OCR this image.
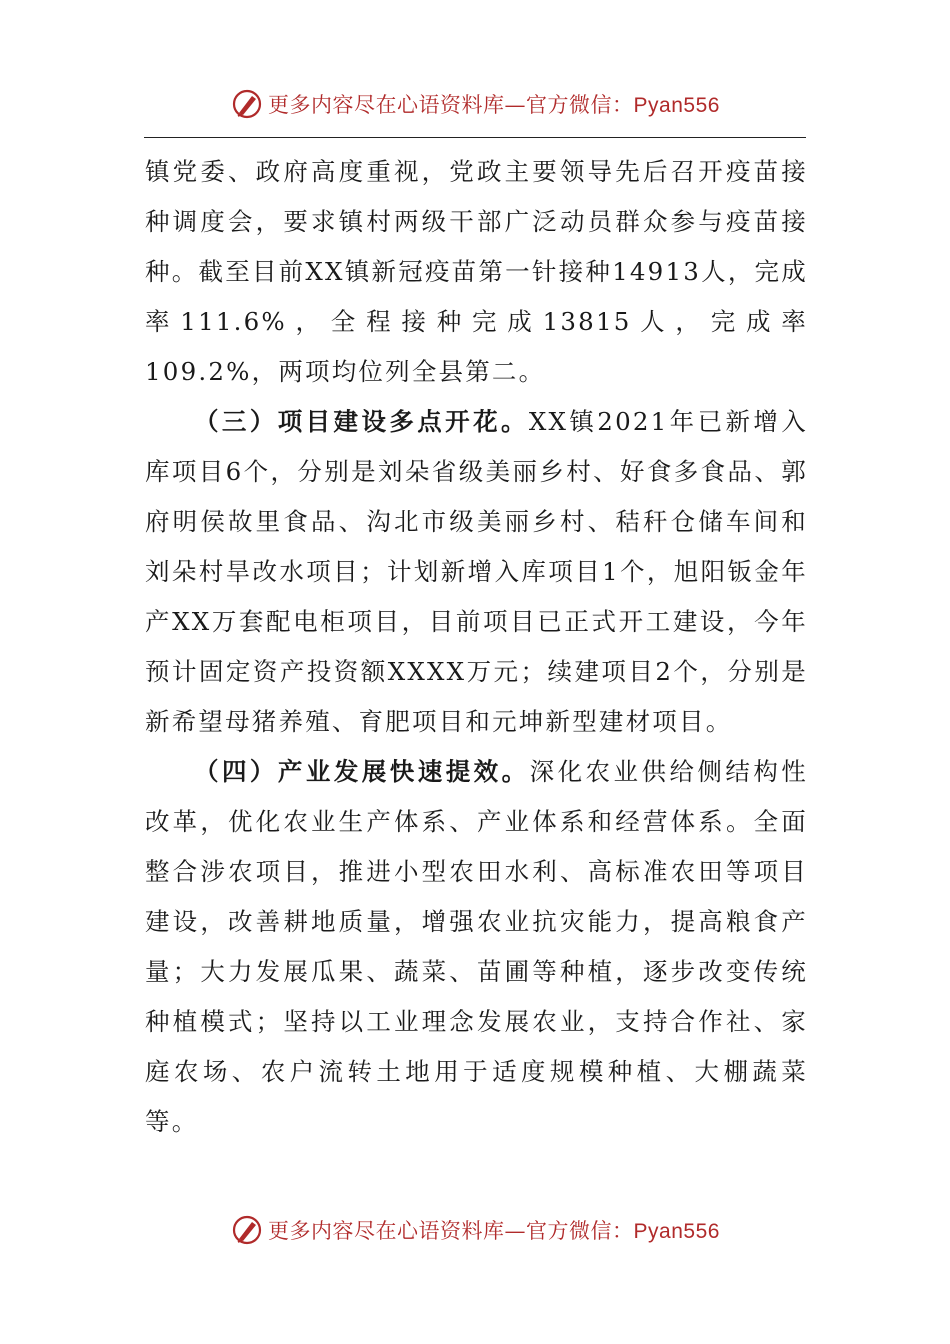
更多内容尽在心语资料库—官方微信：Pyan556

镇党委、政府高度重视，党政主要领导先后召开疫苗接种调度会，要求镇村两级干部广泛动员群众参与疫苗接种。截至目前XX镇新冠疫苗第一针接种14913人，完成率111.6%，全程接种完成13815人，完成率109.2%，两项均位列全县第二。

（三）项目建设多点开花。XX镇2021年已新增入库项目6个，分别是刘朵省级美丽乡村、好食多食品、郭府明侯故里食品、沟北市级美丽乡村、秸秆仓储车间和刘朵村旱改水项目；计划新增入库项目1个，旭阳钣金年产XX万套配电柜项目，目前项目已正式开工建设，今年预计固定资产投资额XXXX万元；续建项目2个，分别是新希望母猪养殖、育肥项目和元坤新型建材项目。

（四）产业发展快速提效。深化农业供给侧结构性改革，优化农业生产体系、产业体系和经营体系。全面整合涉农项目，推进小型农田水利、高标准农田等项目建设，改善耕地质量，增强农业抗灾能力，提高粮食产量；大力发展瓜果、蔬菜、苗圃等种植，逐步改变传统种植模式；坚持以工业理念发展农业，支持合作社、家庭农场、农户流转土地用于适度规模种植、大棚蔬菜等。

更多内容尽在心语资料库—官方微信：Pyan556
